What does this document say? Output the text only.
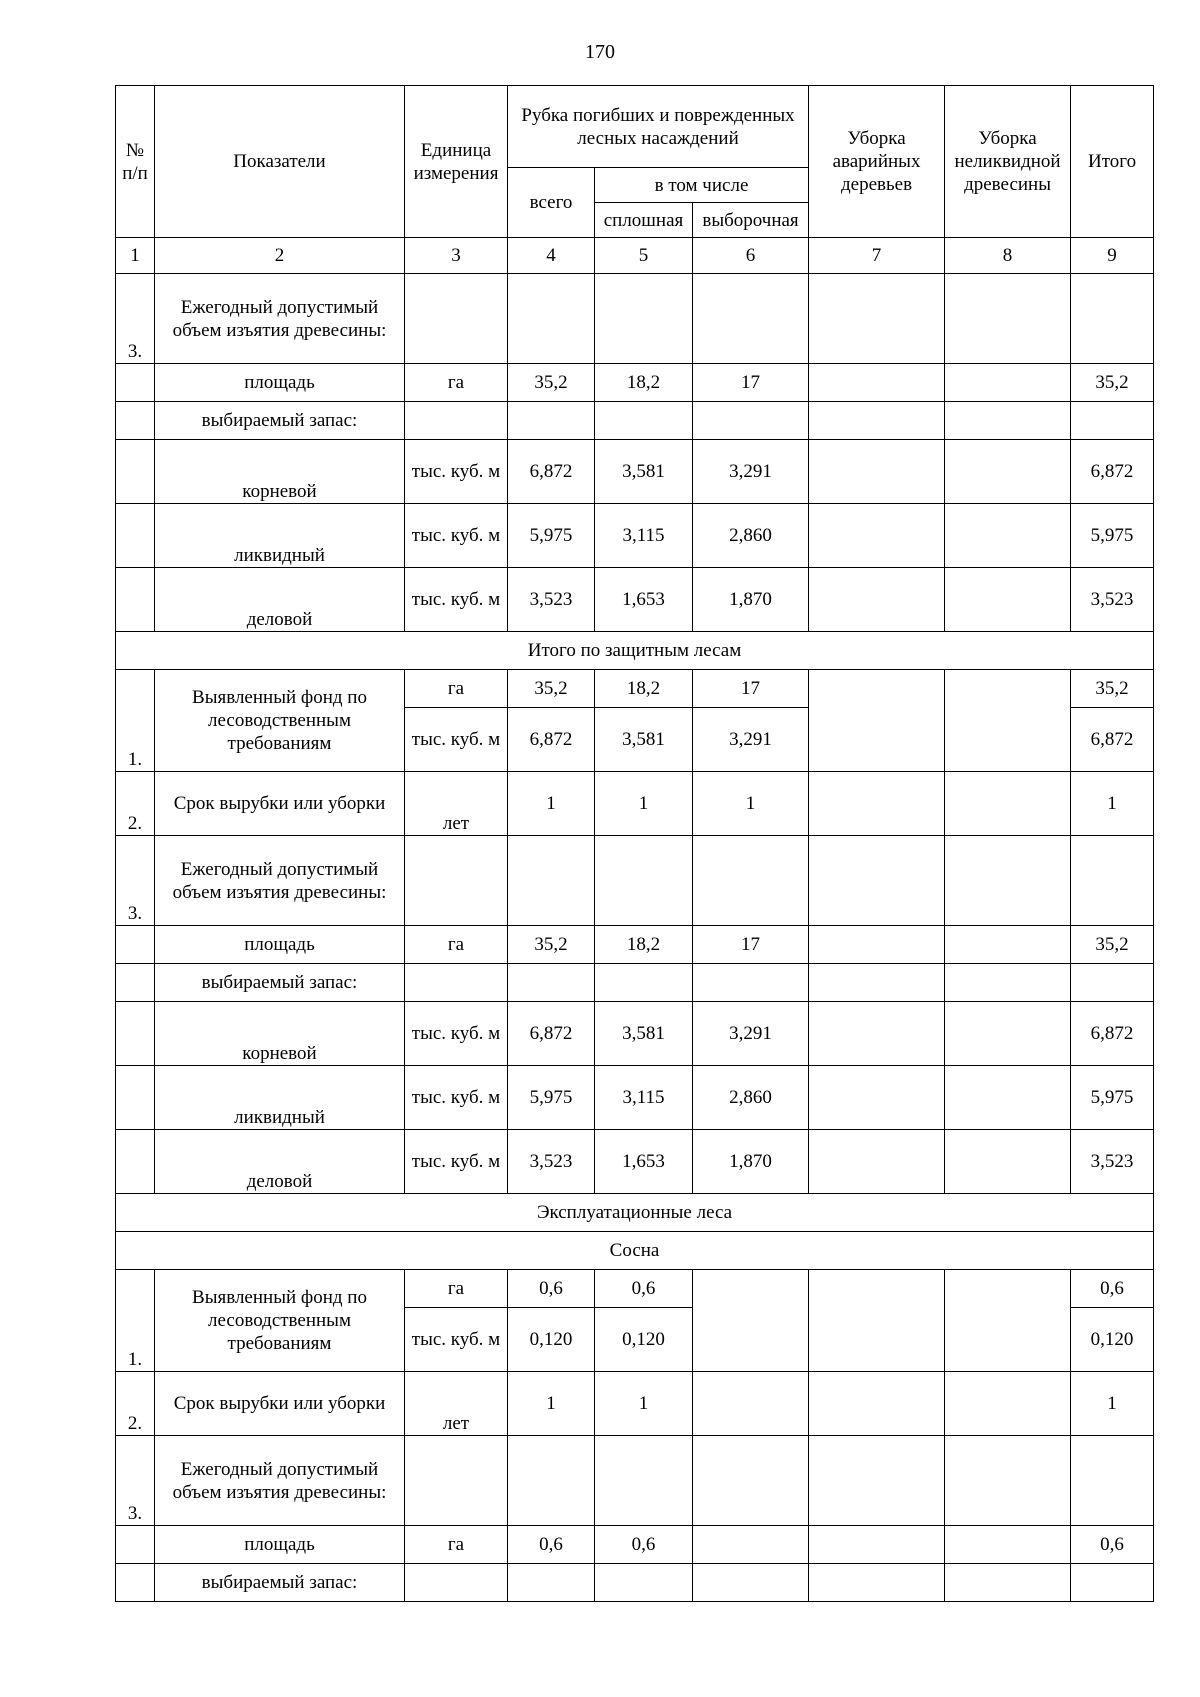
170
№ п/п	Показатели	Единица измерения	Рубка погибших и поврежденных лесных насаждений			Уборка аварийных деревьев	Уборка неликвидной древесины	Итого
			всего	в том числе				
				сплошная	выборочная			
1	2	3	4	5	6	7	8	9
3.	Ежегодный допустимый объем изъятия древесины:							
	площадь	га	35,2	18,2	17			35,2
	выбираемый запас:							
	корневой	тыс. куб. м	6,872	3,581	3,291			6,872
	ликвидный	тыс. куб. м	5,975	3,115	2,860			5,975
	деловой	тыс. куб. м	3,523	1,653	1,870			3,523
Итого по защитным лесам								
1.	Выявленный фонд по лесоводственным требованиям	га	35,2	18,2	17			35,2
		тыс. куб. м	6,872	3,581	3,291			6,872
2.	Срок вырубки или уборки	лет	1	1	1			1
3.	Ежегодный допустимый объем изъятия древесины:							
	площадь	га	35,2	18,2	17			35,2
	выбираемый запас:							
	корневой	тыс. куб. м	6,872	3,581	3,291			6,872
	ликвидный	тыс. куб. м	5,975	3,115	2,860			5,975
	деловой	тыс. куб. м	3,523	1,653	1,870			3,523
Эксплуатационные леса								
Сосна								
1.	Выявленный фонд по лесоводственным требованиям	га	0,6	0,6				0,6
		тыс. куб. м	0,120	0,120				0,120
2.	Срок вырубки или уборки	лет	1	1				1
3.	Ежегодный допустимый объем изъятия древесины:							
	площадь	га	0,6	0,6				0,6
	выбираемый запас:							
